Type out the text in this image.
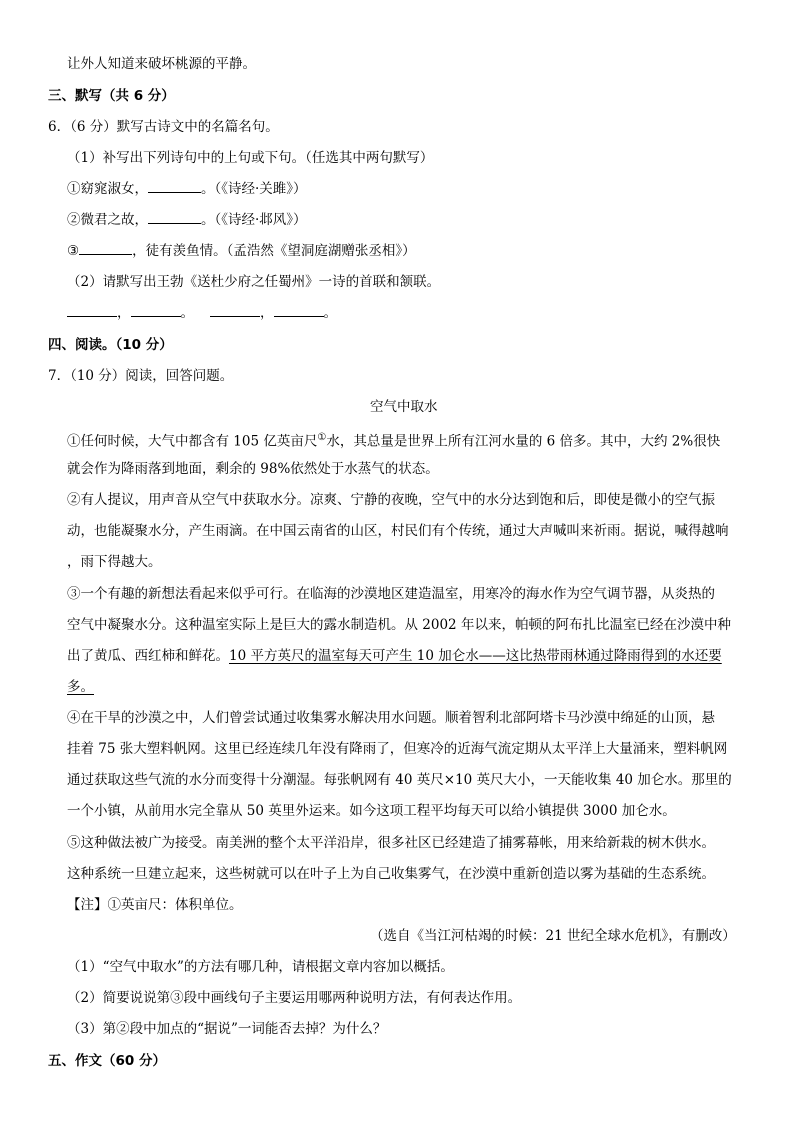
让外人知道来破坏桃源的平静。
三、默写（共 6 分）
6．（6 分）默写古诗文中的名篇名句。
（1）补写出下列诗句中的上句或下句。（任选其中两句默写）
①窈窕淑女，	。（《诗经·关雎》）
②微君之故，	。（《诗经·邶风》）
③	，徒有羡鱼情。（孟浩然《望洞庭湖赠张丞相》）
（2）请默写出王勃《送杜少府之任蜀州》一诗的首联和颔联。
，	。	，	。
四、阅读。（10 分）
7．（10 分）阅读，回答问题。
空气中取水
①任何时候，大气中都含有 105 亿英亩尺①水，其总量是世界上所有江河水量的 6 倍多。其中，大约 2%很快
就会作为降雨落到地面，剩余的 98%依然处于水蒸气的状态。
②有人提议，用声音从空气中获取水分。凉爽、宁静的夜晚，空气中的水分达到饱和后，即使是微小的空气振
动，也能凝聚水分，产生雨滴。在中国云南省的山区，村民们有个传统，通过大声喊叫来祈雨。据说，喊得越响
，雨下得越大。
③一个有趣的新想法看起来似乎可行。在临海的沙漠地区建造温室，用寒冷的海水作为空气调节器，从炎热的
空气中凝聚水分。这种温室实际上是巨大的露水制造机。从 2002 年以来，帕顿的阿布扎比温室已经在沙漠中种
出了黄瓜、西红柿和鲜花。10 平方英尺的温室每天可产生 10 加仑水——这比热带雨林通过降雨得到的水还要
多。
④在干旱的沙漠之中，人们曾尝试通过收集雾水解决用水问题。顺着智利北部阿塔卡马沙漠中绵延的山顶，悬
挂着 75 张大塑料帆网。这里已经连续几年没有降雨了，但寒冷的近海气流定期从太平洋上大量涌来，塑料帆网
通过获取这些气流的水分而变得十分潮湿。每张帆网有 40 英尺×10 英尺大小，一天能收集 40 加仑水。那里的
一个小镇，从前用水完全靠从 50 英里外运来。如今这项工程平均每天可以给小镇提供 3000 加仑水。
⑤这种做法被广为接受。南美洲的整个太平洋沿岸，很多社区已经建造了捕雾幕帐，用来给新栽的树木供水。
这种系统一旦建立起来，这些树就可以在叶子上为自己收集雾气，在沙漠中重新创造以雾为基础的生态系统。
【注】①英亩尺：体积单位。
（选自《当江河枯竭的时候：21 世纪全球水危机》，有删改）
（1）“空气中取水”的方法有哪几种，请根据文章内容加以概括。
（2）简要说说第③段中画线句子主要运用哪两种说明方法，有何表达作用。
（3）第②段中加点的“据说”一词能否去掉？为什么？
五、作文（60 分）
